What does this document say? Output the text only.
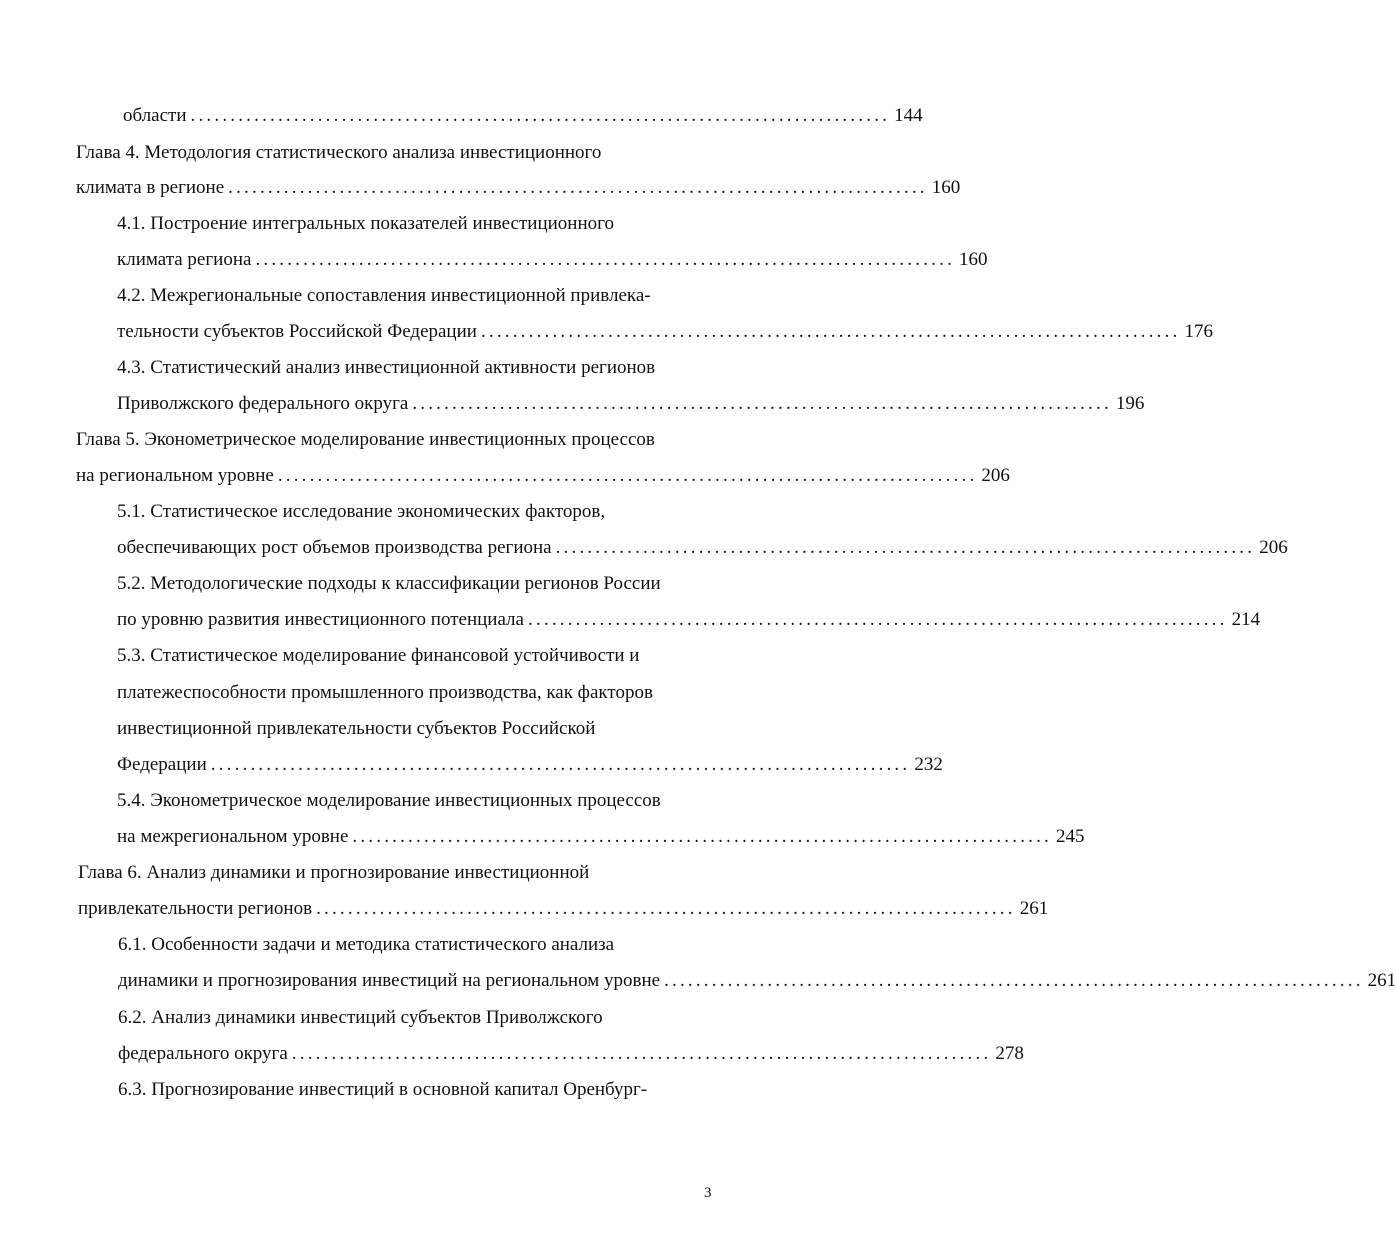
области ........................................................................................ 144
Глава 4. Методология статистического анализа инвестиционного
климата в регионе ........................................................................................ 160
4.1. Построение интегральных показателей инвестиционного
климата региона ........................................................................................ 160
4.2. Межрегиональные сопоставления инвестиционной привлека-
тельности субъектов Российской Федерации ........................................................................................ 176
4.3. Статистический анализ инвестиционной активности регионов
Приволжского федерального округа ........................................................................................ 196
Глава 5. Эконометрическое моделирование инвестиционных процессов
на региональном уровне ........................................................................................ 206
5.1. Статистическое исследование экономических факторов,
обеспечивающих рост объемов производства региона ........................................................................................ 206
5.2. Методологические подходы к классификации регионов России
по уровню развития инвестиционного потенциала ........................................................................................ 214
5.3. Статистическое моделирование финансовой устойчивости и
платежеспособности промышленного производства, как факторов
инвестиционной привлекательности субъектов Российской
Федерации ........................................................................................ 232
5.4. Эконометрическое моделирование инвестиционных процессов
на межрегиональном уровне ........................................................................................ 245
Глава 6. Анализ динамики и прогнозирование инвестиционной
привлекательности регионов ........................................................................................ 261
6.1. Особенности задачи и методика статистического анализа
динамики и прогнозирования инвестиций на региональном уровне ........................................................................................ 261
6.2. Анализ динамики инвестиций субъектов Приволжского
федерального округа ........................................................................................ 278
6.3. Прогнозирование инвестиций в основной капитал Оренбург-
3
